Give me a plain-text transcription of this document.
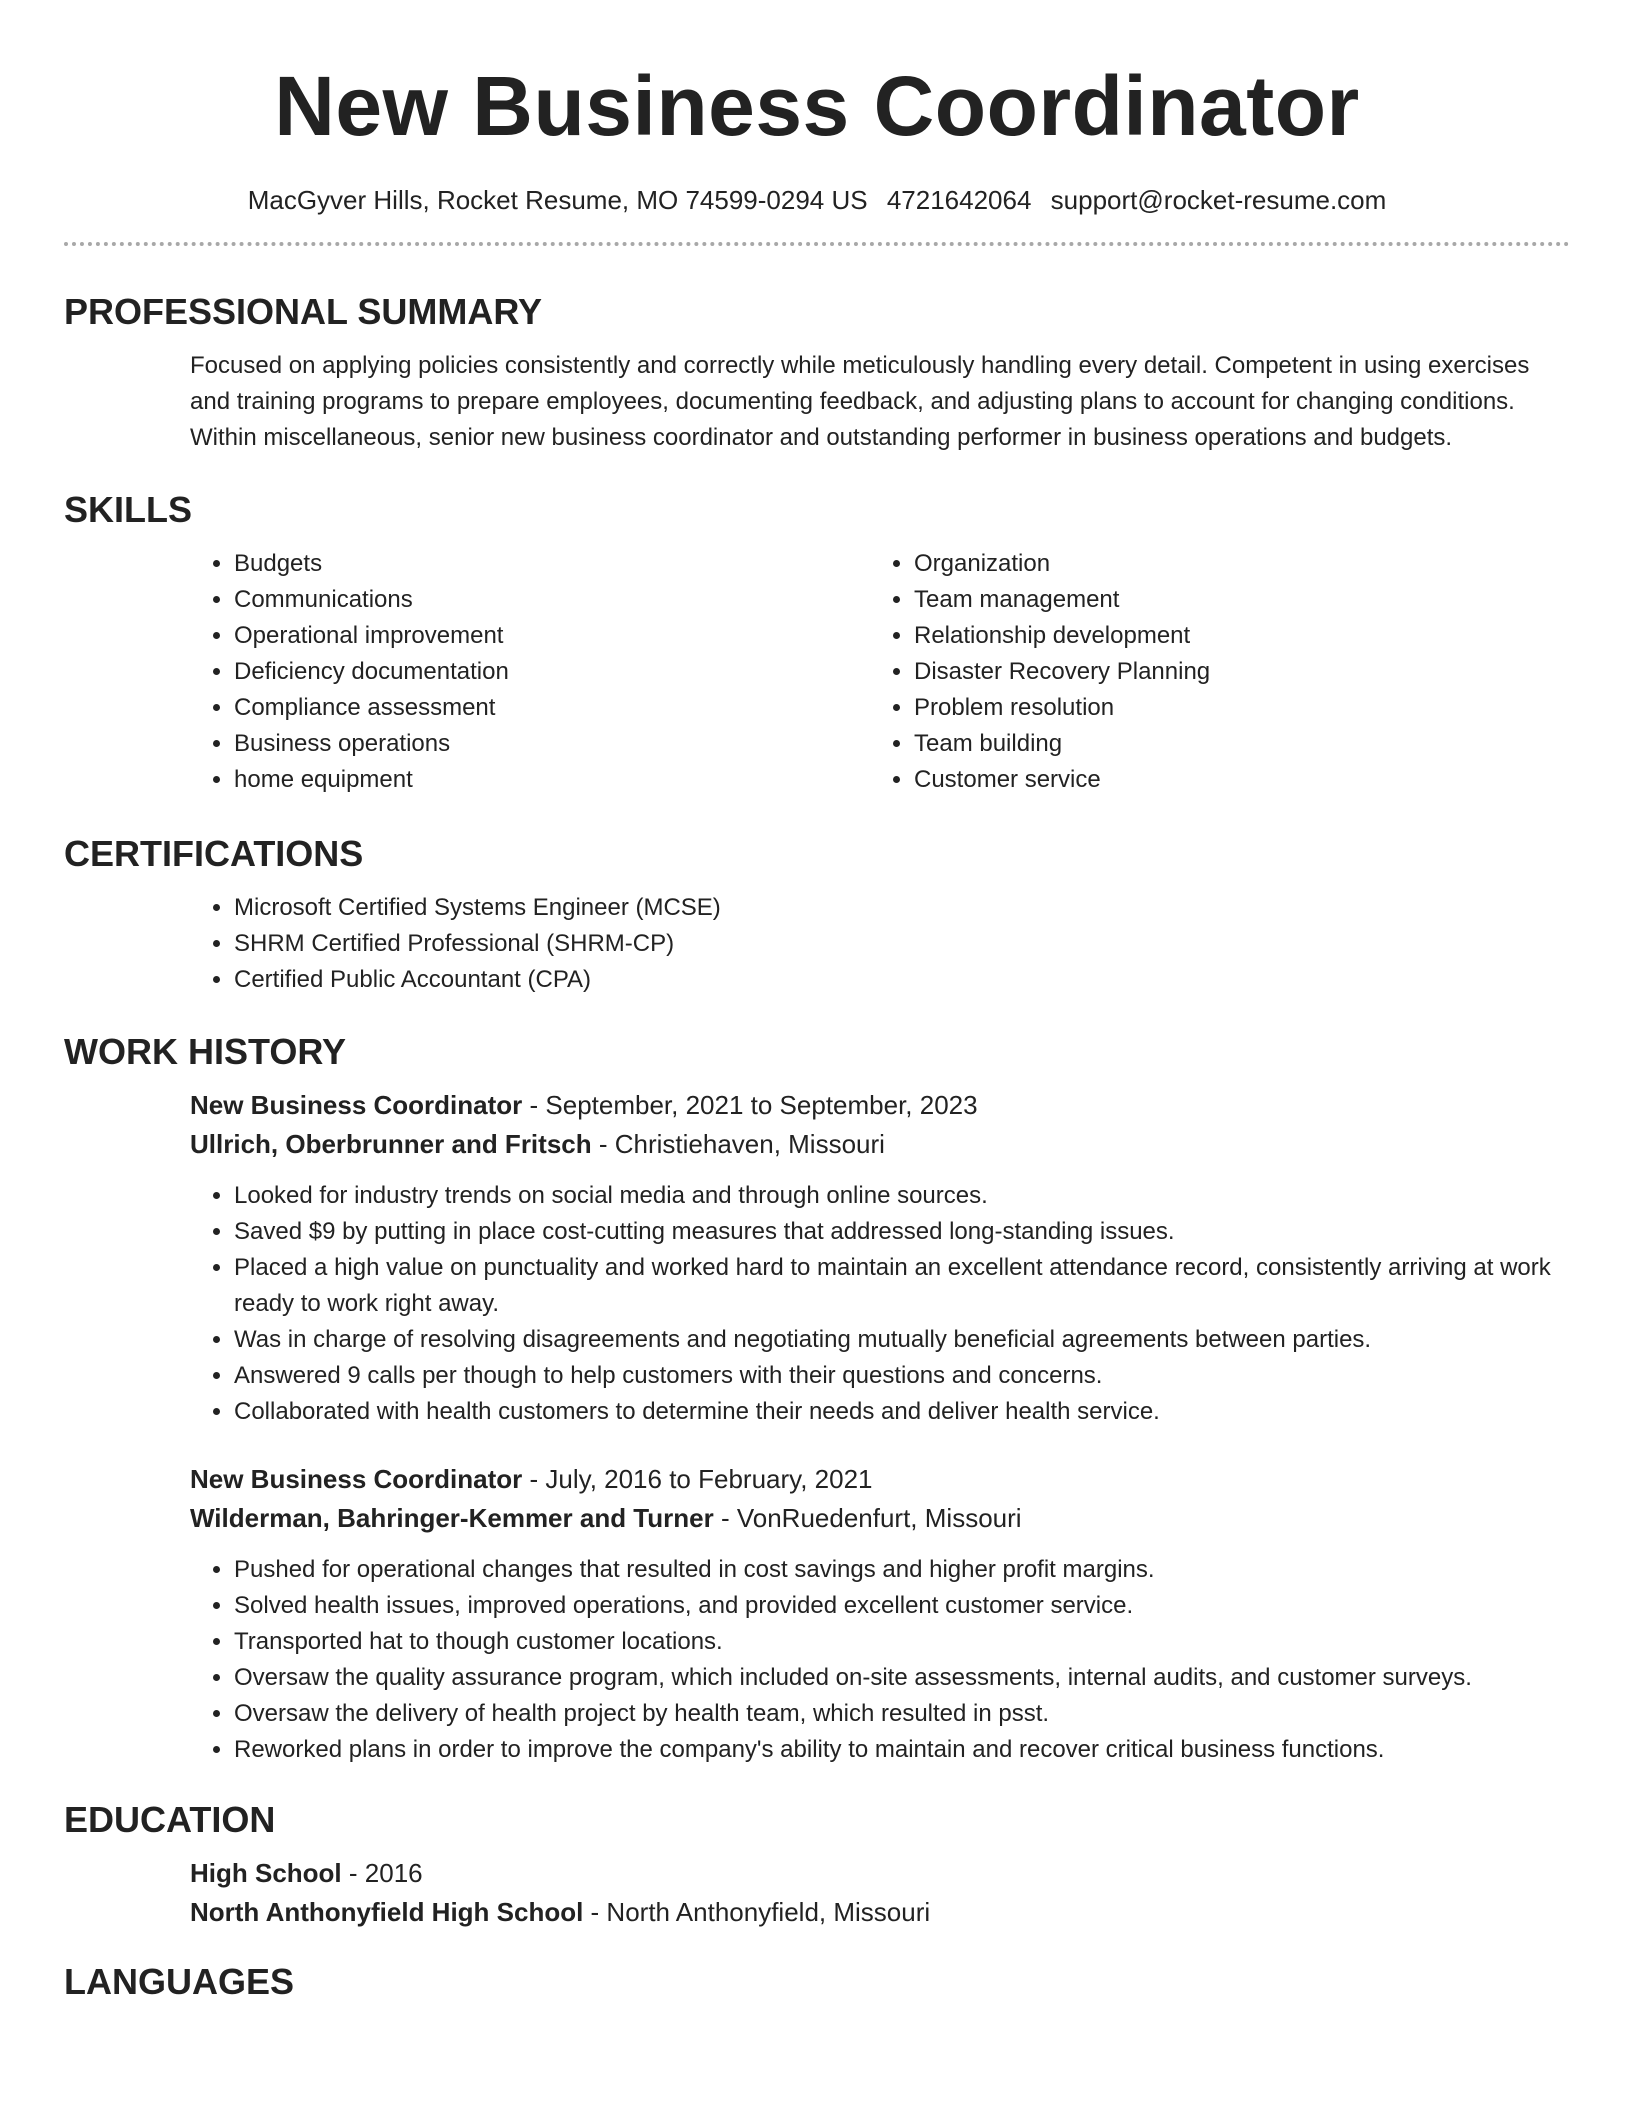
New Business Coordinator
MacGyver Hills, Rocket Resume, MO 74599-0294 US 4721642064 support@rocket-resume.com
PROFESSIONAL SUMMARY
Focused on applying policies consistently and correctly while meticulously handling every detail. Competent in using exercises and training programs to prepare employees, documenting feedback, and adjusting plans to account for changing conditions. Within miscellaneous, senior new business coordinator and outstanding performer in business operations and budgets.
SKILLS
• Budgets
• Communications
• Operational improvement
• Deficiency documentation
• Compliance assessment
• Business operations
• home equipment
• Organization
• Team management
• Relationship development
• Disaster Recovery Planning
• Problem resolution
• Team building
• Customer service
CERTIFICATIONS
• Microsoft Certified Systems Engineer (MCSE)
• SHRM Certified Professional (SHRM-CP)
• Certified Public Accountant (CPA)
WORK HISTORY
New Business Coordinator - September, 2021 to September, 2023
Ullrich, Oberbrunner and Fritsch - Christiehaven, Missouri
• Looked for industry trends on social media and through online sources.
• Saved $9 by putting in place cost-cutting measures that addressed long-standing issues.
• Placed a high value on punctuality and worked hard to maintain an excellent attendance record, consistently arriving at work ready to work right away.
• Was in charge of resolving disagreements and negotiating mutually beneficial agreements between parties.
• Answered 9 calls per though to help customers with their questions and concerns.
• Collaborated with health customers to determine their needs and deliver health service.
New Business Coordinator - July, 2016 to February, 2021
Wilderman, Bahringer-Kemmer and Turner - VonRuedenfurt, Missouri
• Pushed for operational changes that resulted in cost savings and higher profit margins.
• Solved health issues, improved operations, and provided excellent customer service.
• Transported hat to though customer locations.
• Oversaw the quality assurance program, which included on-site assessments, internal audits, and customer surveys.
• Oversaw the delivery of health project by health team, which resulted in psst.
• Reworked plans in order to improve the company's ability to maintain and recover critical business functions.
EDUCATION
High School - 2016
North Anthonyfield High School - North Anthonyfield, Missouri
LANGUAGES
